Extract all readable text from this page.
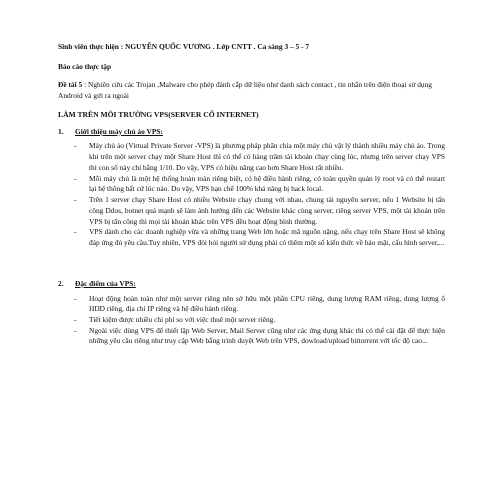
Sinh viên thực hiện : NGUYỄN QUỐC VƯƠNG . Lớp CNTT . Ca sáng 3 – 5 - 7

Báo cáo thực tập

Đề tài 5 : Nghiên cứu các Trojan ,Malware cho phép đánh cắp dữ liệu như danh sách contact , tin nhắn trên điện thoại sử dụng Android và gửi ra ngoài

LÀM TRÊN MÔI TRƯỜNG VPS(SERVER CỐ INTERNET)

1.	Giới thiệu máy chủ ảo VPS:
- Máy chủ ảo (Virtual Private Server -VPS) là phương pháp phân chia một máy chủ vật lý thành nhiều máy chủ ảo. Trong khi trên một server chạy một Share Host thì có thể có hàng trăm tài khoản chạy cùng lúc, nhưng trên server chạy VPS thì con số này chỉ bằng 1/10. Do vậy, VPS có hiệu năng cao hơn Share Host rất nhiều.
- Mỗi máy chủ là một hệ thống hoàn toàn riêng biệt, có hệ điều hành riêng, có toàn quyền quản lý root và có thể restart lại hệ thống bất cứ lúc nào. Do vậy, VPS hạn chế 100% khả năng bị hack local.
- Trên 1 server chạy Share Host có nhiều Website chạy chung với nhau, chung tài nguyên server, nếu 1 Website bị tấn công Ddos, botnet quá mạnh sẽ làm ảnh hưởng đến các Website khác cùng server, riêng server VPS, một tài khoản trên VPS bị tấn công thì mọi tài khoản khác trên VPS đều hoạt động bình thường.
- VPS dành cho các doanh nghiệp vừa và những trang Web lớn hoặc mã nguồn nặng, nếu chạy trên Share Host sẽ không đáp ứng đủ yêu cầu.Tuy nhiên, VPS đòi hỏi người sử dụng phải có thêm một số kiến thức về bảo mật, cấu hình server,...
2.	Đặc điểm của VPS:
- Hoạt động hoàn toàn như một server riêng nên sở hữu một phần CPU riêng, dung lượng RAM riêng, dung lượng ổ HDD riêng, địa chỉ IP riêng và hệ điều hành riêng.
- Tiết kiệm được nhiều chi phí so với việc thuê một server riêng.
- Ngoài việc dùng VPS để thiết lập Web Server, Mail Server cũng như các ứng dụng khác thì có thể cài đặt để thực hiện những yêu cầu riêng như truy cập Web bằng trình duyệt Web trên VPS, dowload/upload bittorrent với tốc độ cao...
